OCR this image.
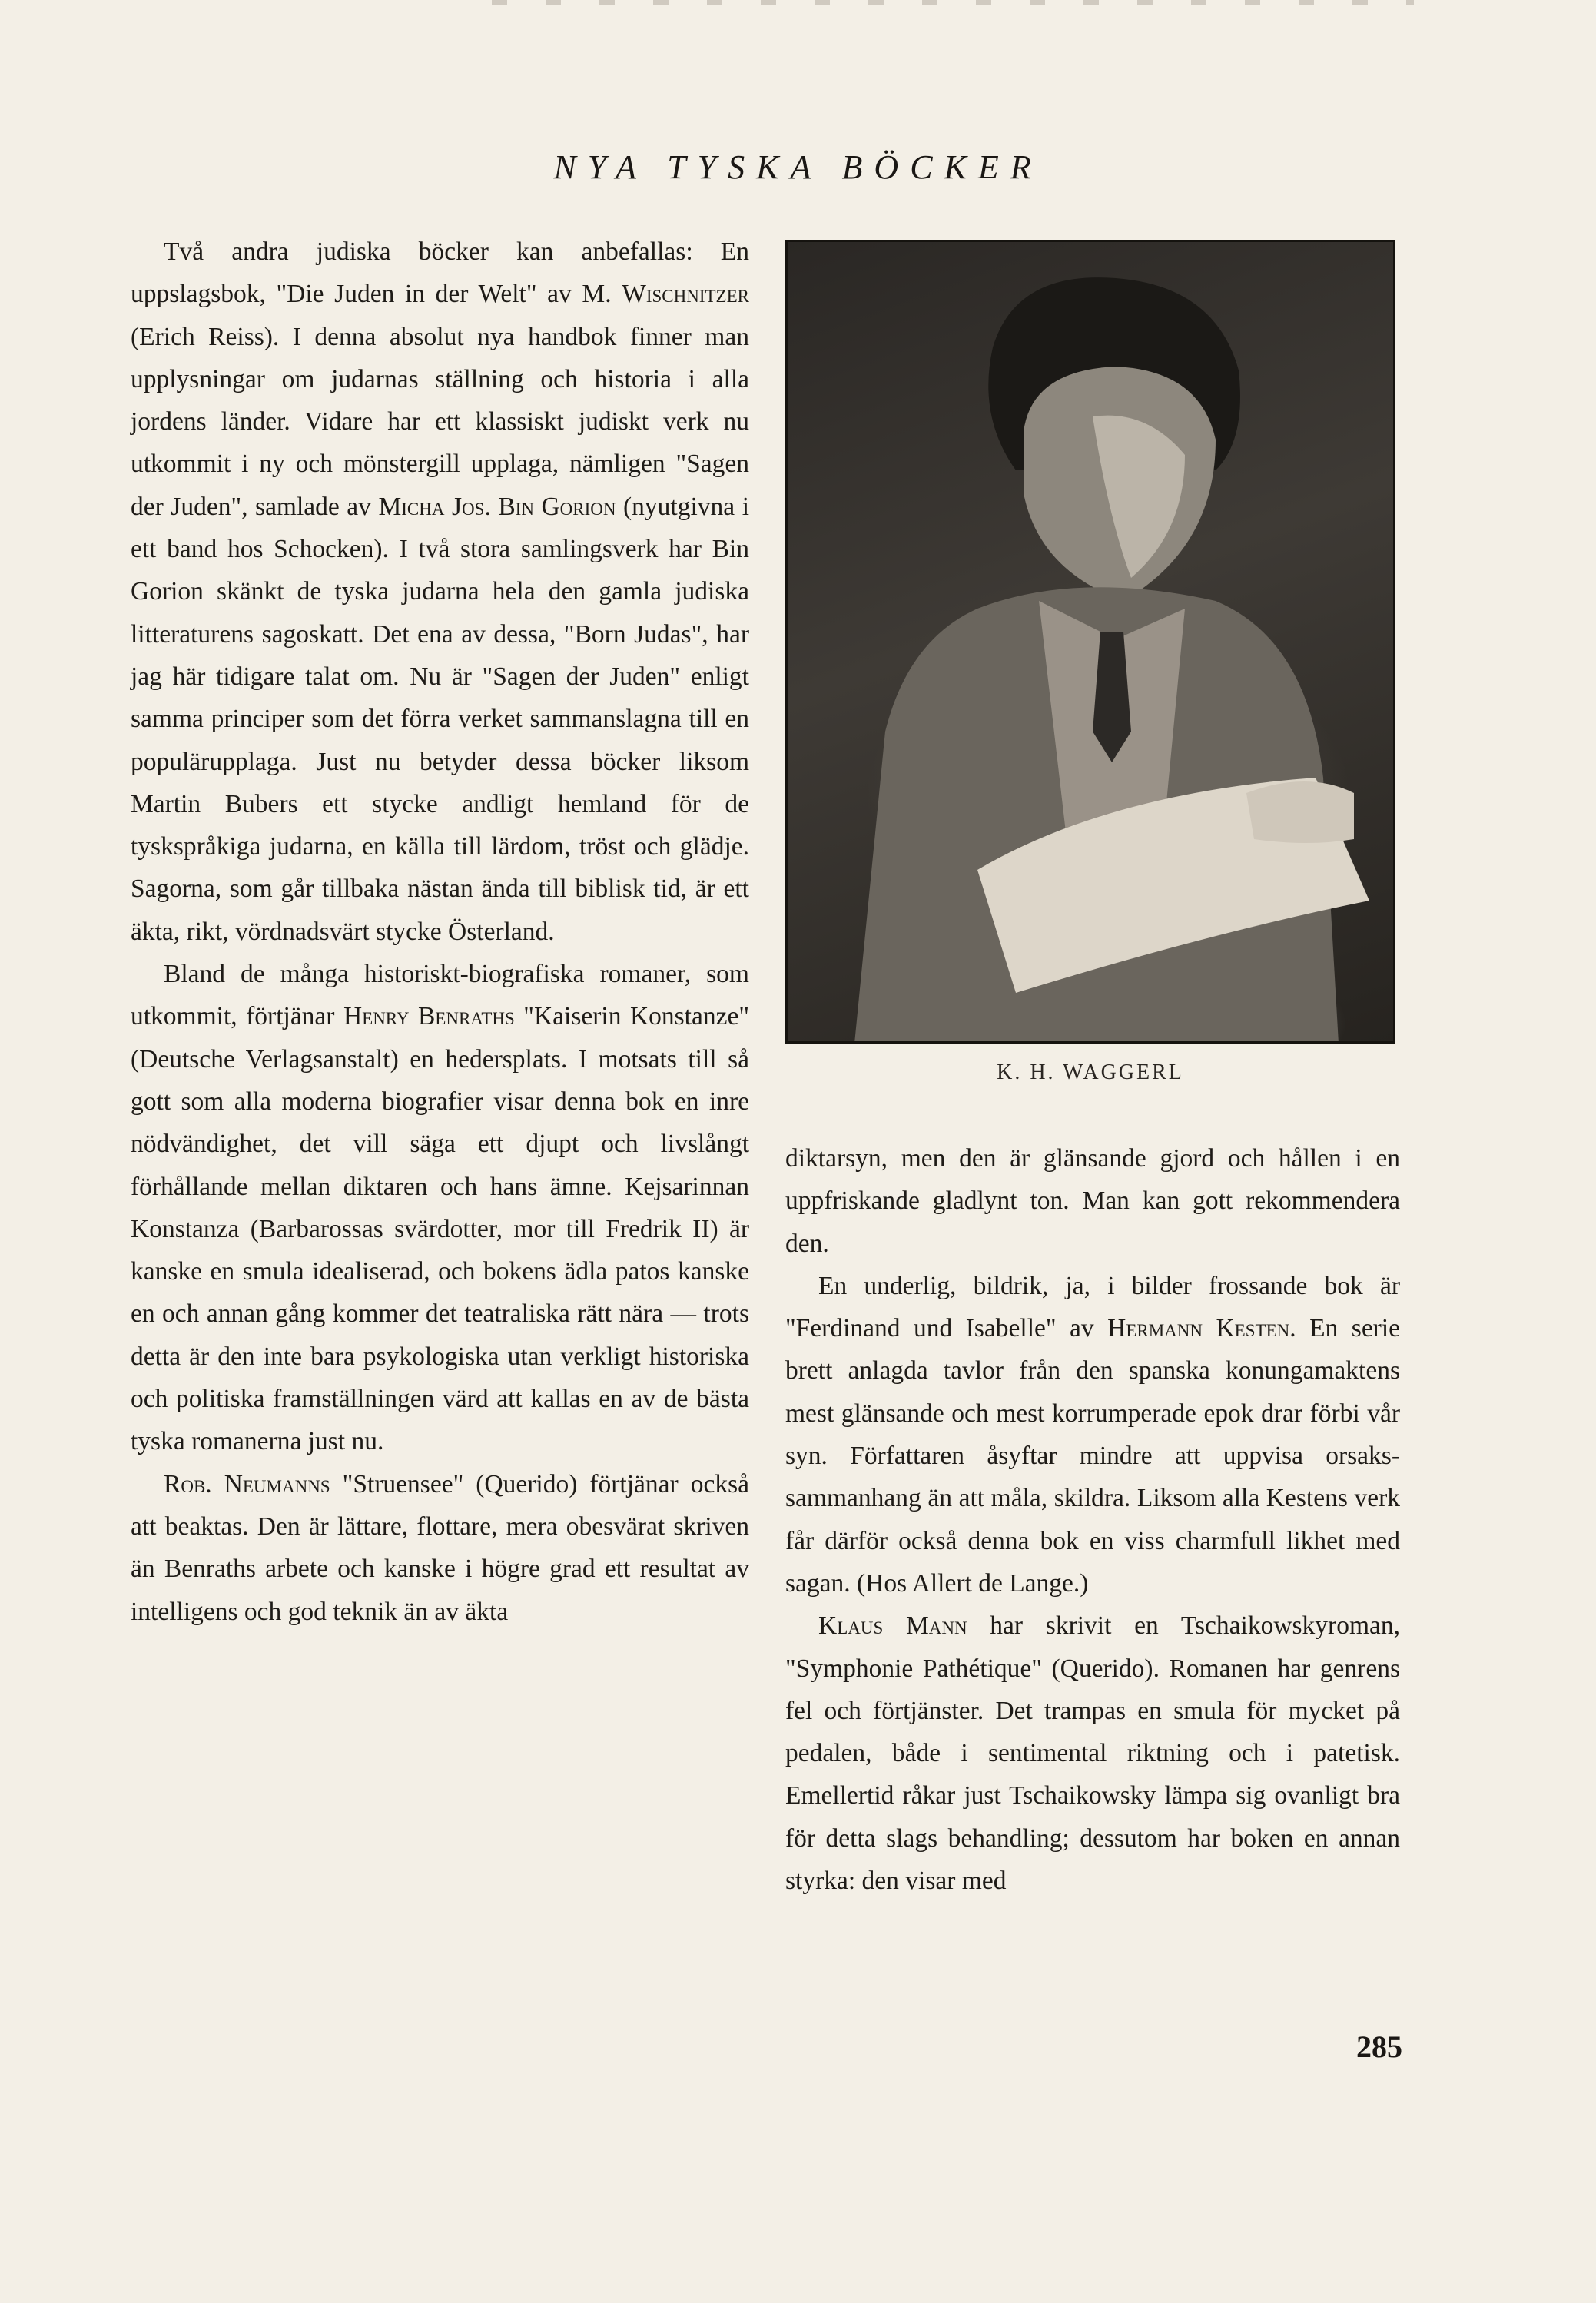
NYA TYSKA BÖCKER

Två andra judiska böcker kan anbefallas: En uppslagsbok, "Die Juden in der Welt" av M. Wischnitzer (Erich Reiss). I denna absolut nya handbok finner man upplysningar om judarnas ställning och historia i alla jordens länder. Vidare har ett klassiskt judiskt verk nu utkommit i ny och mönstergill upplaga, nämligen "Sagen der Juden", samlade av Micha Jos. Bin Gorion (nyutgivna i ett band hos Schocken). I två stora samlingsverk har Bin Gorion skänkt de tyska judarna hela den gamla judiska litteraturens sagoskatt. Det ena av dessa, "Born Judas", har jag här tidigare talat om. Nu är "Sagen der Juden" enligt samma principer som det förra verket sammanslagna till en populärupplaga. Just nu betyder dessa böcker liksom Martin Bubers ett stycke andligt hemland för de tyskspråkiga judarna, en källa till lärdom, tröst och glädje. Sagorna, som går tillbaka nästan ända till biblisk tid, är ett äkta, rikt, vördnadsvärt stycke Österland.

Bland de många historiskt-biografiska romaner, som utkommit, förtjänar Henry Benraths "Kaiserin Konstanze" (Deutsche Verlagsanstalt) en hedersplats. I motsats till så gott som alla moderna biografier visar denna bok en inre nödvändighet, det vill säga ett djupt och livslångt förhållande mellan diktaren och hans ämne. Kejsarinnan Konstanza (Barbarossas svärdotter, mor till Fredrik II) är kanske en smula idealiserad, och bokens ädla patos kanske en och annan gång kommer det teatraliska rätt nära — trots detta är den inte bara psykologiska utan verkligt historiska och politiska framställningen värd att kallas en av de bästa tyska romanerna just nu.

Rob. Neumanns "Struensee" (Querido) förtjänar också att beaktas. Den är lättare, flottare, mera obesvärat skriven än Benraths arbete och kanske i högre grad ett resultat av intelligens och god teknik än av äkta

K. H. WAGGERL

diktarsyn, men den är glänsande gjord och hållen i en uppfriskande gladlynt ton. Man kan gott rekommendera den.

En underlig, bildrik, ja, i bilder frossande bok är "Ferdinand und Isabelle" av Hermann Kesten. En serie brett anlagda tavlor från den spanska konungamaktens mest glänsande och mest korrumperade epok drar förbi vår syn. Författaren åsyftar mindre att uppvisa orsakssammanhang än att måla, skildra. Liksom alla Kestens verk får därför också denna bok en viss charmfull likhet med sagan. (Hos Allert de Lange.)

Klaus Mann har skrivit en Tschaikowskyroman, "Symphonie Pathétique" (Querido). Romanen har genrens fel och förtjänster. Det trampas en smula för mycket på pedalen, både i sentimental riktning och i patetisk. Emellertid råkar just Tschaikowsky lämpa sig ovanligt bra för detta slags behandling; dessutom har boken en annan styrka: den visar med

285
